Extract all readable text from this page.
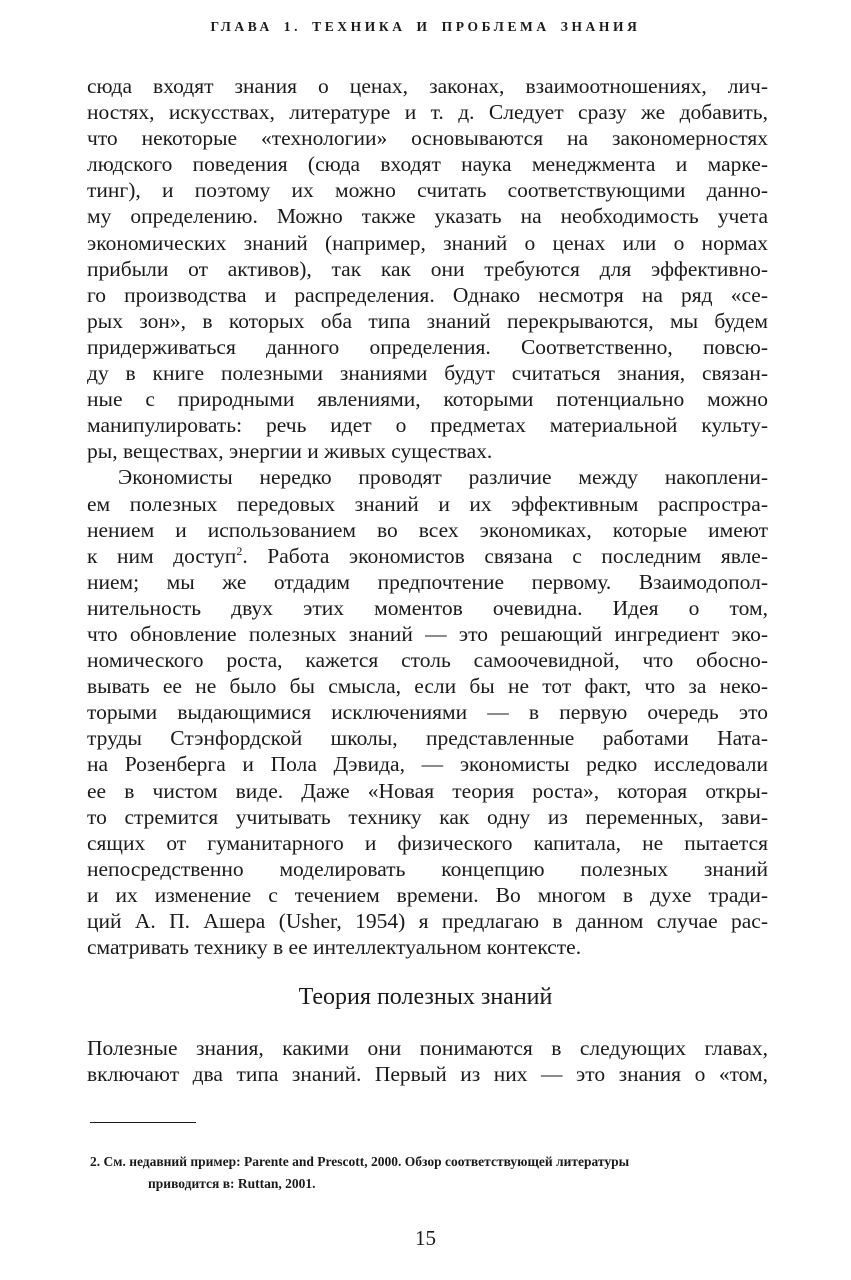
ГЛАВА 1. ТЕХНИКА И ПРОБЛЕМА ЗНАНИЯ
сюда входят знания о ценах, законах, взаимоотношениях, лич-
ностях, искусствах, литературе и т. д. Следует сразу же добавить,
что некоторые «технологии» основываются на закономерностях
людского поведения (сюда входят наука менеджмента и марке-
тинг), и поэтому их можно считать соответствующими данно-
му определению. Можно также указать на необходимость учета
экономических знаний (например, знаний о ценах или о нормах
прибыли от активов), так как они требуются для эффективно-
го производства и распределения. Однако несмотря на ряд «се-
рых зон», в которых оба типа знаний перекрываются, мы будем
придерживаться данного определения. Соответственно, повсю-
ду в книге полезными знаниями будут считаться знания, связан-
ные с природными явлениями, которыми потенциально можно
манипулировать: речь идет о предметах материальной культу-
ры, веществах, энергии и живых существах.
Экономисты нередко проводят различие между накоплени-
ем полезных передовых знаний и их эффективным распростра-
нением и использованием во всех экономиках, которые имеют
к ним доступ$^2$. Работа экономистов связана с последним явле-
нием; мы же отдадим предпочтение первому. Взаимодопол-
нительность двух этих моментов очевидна. Идея о том,
что обновление полезных знаний — это решающий ингредиент эко-
номического роста, кажется столь самоочевидной, что обосно-
вывать ее не было бы смысла, если бы не тот факт, что за неко-
торыми выдающимися исключениями — в первую очередь это
труды Стэнфордской школы, представленные работами Ната-
на Розенберга и Пола Дэвида, — экономисты редко исследовали
ее в чистом виде. Даже «Новая теория роста», которая откры-
то стремится учитывать технику как одну из переменных, зави-
сящих от гуманитарного и физического капитала, не пытается
непосредственно моделировать концепцию полезных знаний
и их изменение с течением времени. Во многом в духе тради-
ций А. П. Ашера (Usher, 1954) я предлагаю в данном случае рас-
сматривать технику в ее интеллектуальном контексте.
Теория полезных знаний
Полезные знания, какими они понимаются в следующих главах,
включают два типа знаний. Первый из них — это знания о «том,
2. См. недавний пример: Parente and Prescott, 2000. Обзор соответствующей литературы
приводится в: Ruttan, 2001.
15
